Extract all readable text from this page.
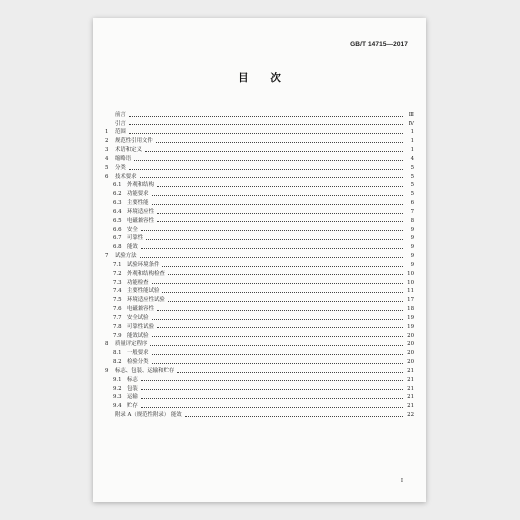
GB/T 14715—2017
目 次
前言	Ⅲ
引言	Ⅳ
1	范围	1
2	规范性引用文件	1
3	术语和定义	1
4	缩略语	4
5	分类	5
6	技术要求	5
6.1	外观和结构	5
6.2	功能要求	5
6.3	主要性能	6
6.4	环境适应性	7
6.5	电磁兼容性	8
6.6	安全	9
6.7	可靠性	9
6.8	能效	9
7	试验方法	9
7.1	试验环境条件	9
7.2	外观和结构检查	10
7.3	功能检查	10
7.4	主要性能试验	11
7.5	环境适应性试验	17
7.6	电磁兼容性	18
7.7	安全试验	19
7.8	可靠性试验	19
7.9	能效试验	20
8	质量评定程序	20
8.1	一般要求	20
8.2	检验分类	20
9	标志、包装、运输和贮存	21
9.1	标志	21
9.2	包装	21
9.3	运输	21
9.4	贮存	21
附录 A（规范性附录） 能效	22
Ⅰ
